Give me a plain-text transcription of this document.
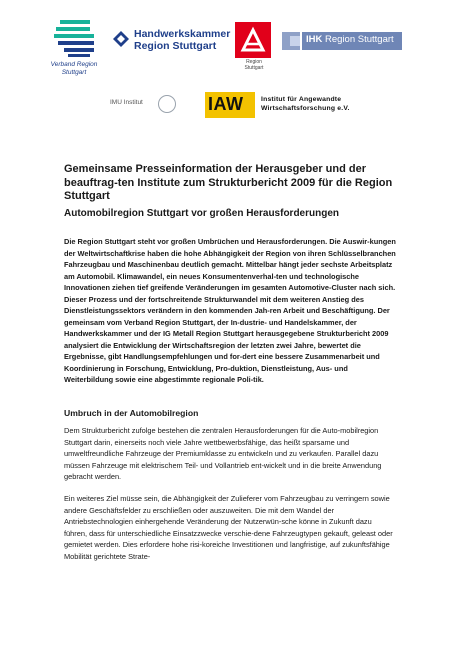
Verband Region Stuttgart
Handwerkskammer
Region Stuttgart
Region
Stuttgart
IHK Region Stuttgart
IMU Institut	IAW	Institut für Angewandte
Wirtschaftsforschung e.V.
Gemeinsame Presseinformation der Herausgeber und der beauftrag-ten Institute zum Strukturbericht 2009 für die Region Stuttgart
Automobilregion Stuttgart vor großen Herausforderungen

Die Region Stuttgart steht vor großen Umbrüchen und Herausforderungen. Die Auswir-kungen der Weltwirtschaftkrise haben die hohe Abhängigkeit der Region von ihren Schlüsselbranchen Fahrzeugbau und Maschinenbau deutlich gemacht. Mittelbar hängt jeder sechste Arbeitsplatz am Automobil. Klimawandel, ein neues Konsumentenverhal-ten und technologische Innovationen ziehen tief greifende Veränderungen im gesamten Automotive-Cluster nach sich. Dieser Prozess und der fortschreitende Strukturwandel mit dem weiteren Anstieg des Dienstleistungssektors verändern in den kommenden Jah-ren Arbeit und Beschäftigung. Der gemeinsam vom Verband Region Stuttgart, der In-dustrie- und Handelskammer, der Handwerkskammer und der IG Metall Region Stuttgart herausgegebene Strukturbericht 2009 analysiert die Entwicklung der Wirtschaftsregion der letzten zwei Jahre, bewertet die Ergebnisse, gibt Handlungsempfehlungen und for-dert eine bessere Zusammenarbeit und Koordinierung in Forschung, Entwicklung, Pro-duktion, Dienstleistung, Aus- und Weiterbildung sowie eine abgestimmte regionale Poli-tik.

Umbruch in der Automobilregion

Dem Strukturbericht zufolge bestehen die zentralen Herausforderungen für die Auto-mobilregion Stuttgart darin, einerseits noch viele Jahre wettbewerbsfähige, das heißt sparsame und umweltfreundliche Fahrzeuge der Premiumklasse zu entwickeln und zu verkaufen. Parallel dazu müssen Fahrzeuge mit elektrischem Teil- und Vollantrieb ent-wickelt und in die breite Anwendung gebracht werden.

Ein weiteres Ziel müsse sein, die Abhängigkeit der Zulieferer vom Fahrzeugbau zu verringern sowie andere Geschäftsfelder zu erschließen oder auszuweiten. Die mit dem Wandel der Antriebstechnologien einhergehende Veränderung der Nutzerwün-sche könne in Zukunft dazu führen, dass für unterschiedliche Einsatzzwecke verschie-dene Fahrzeugtypen gekauft, geleast oder gemietet werden. Dies erfordere hohe risi-koreiche Investitionen und langfristige, auf zukunftsfähige Mobilität gerichtete Strate-
